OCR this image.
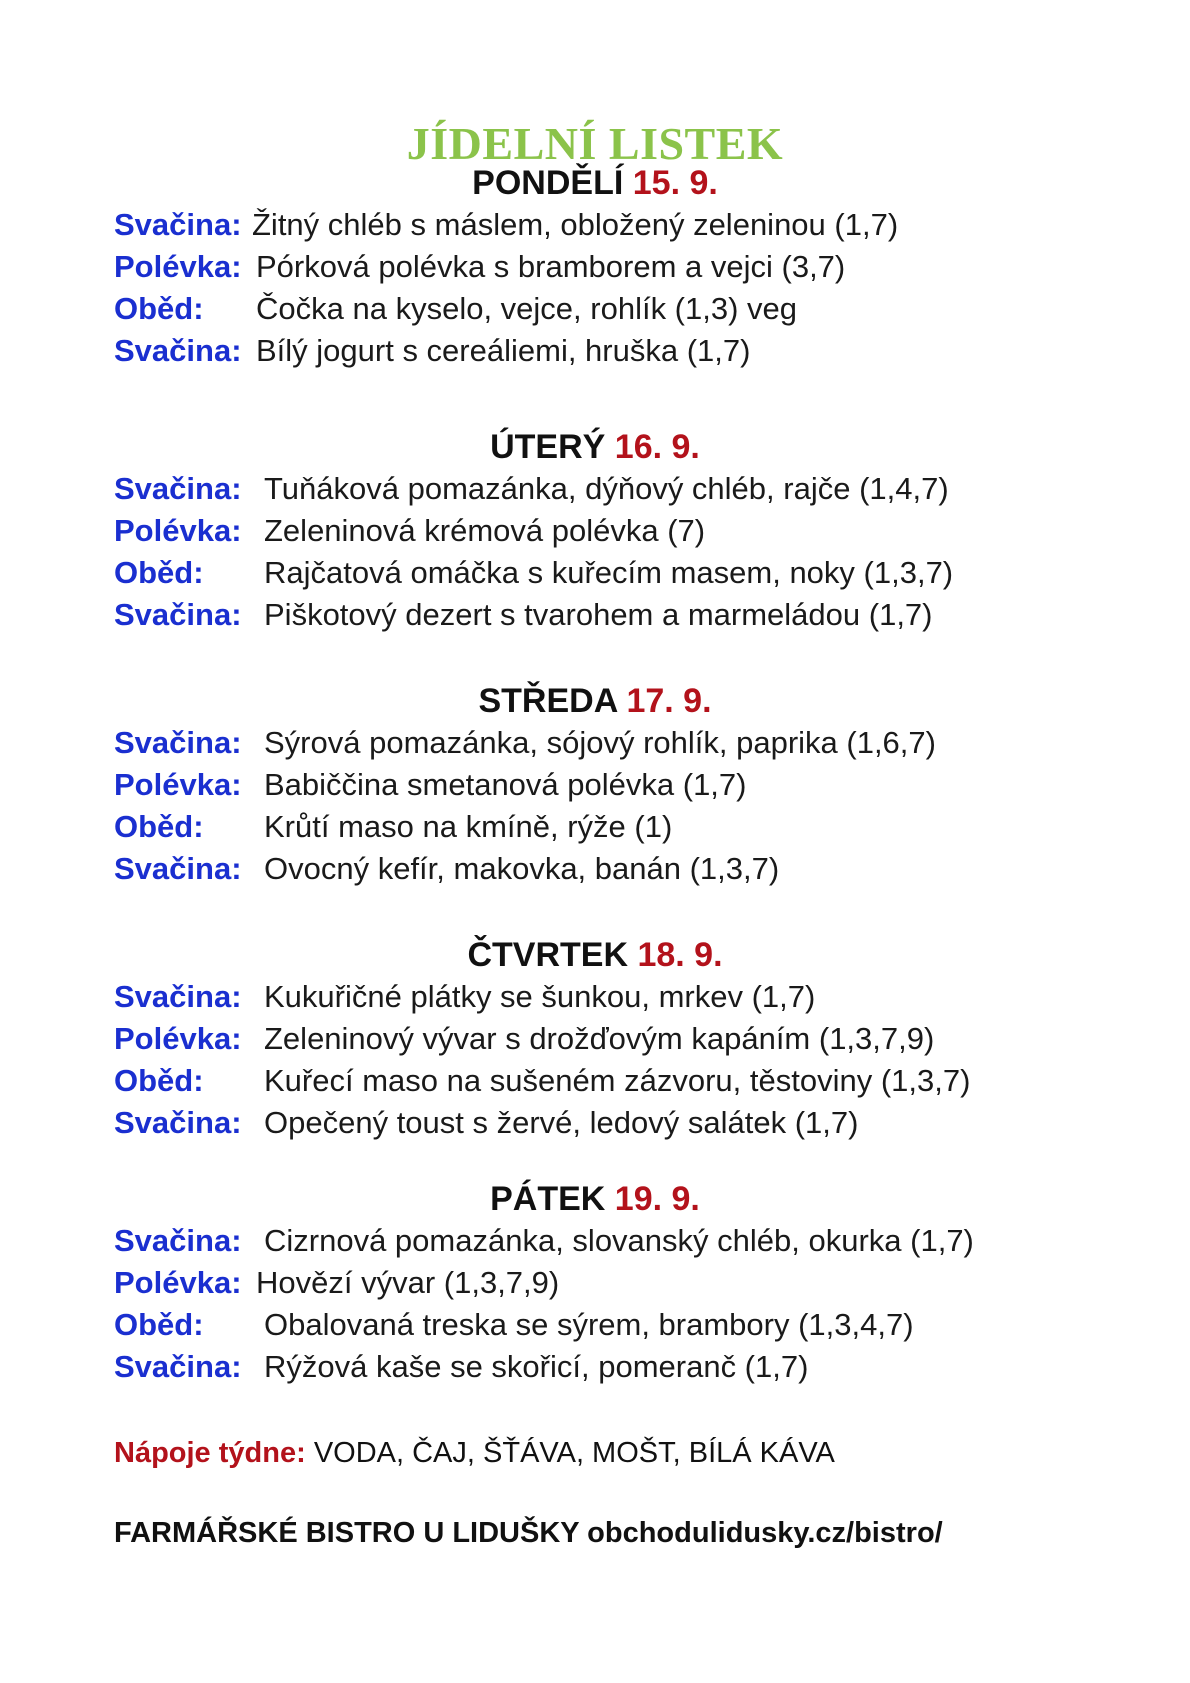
JÍDELNÍ LISTEK
PONDĚLÍ 15. 9.
Svačina: Žitný chléb s máslem, obložený zeleninou (1,7)
Polévka: Pórková polévka s bramborem a vejci (3,7)
Oběd: Čočka na kyselo, vejce, rohlík (1,3) veg
Svačina: Bílý jogurt s cereáliemi, hruška (1,7)
ÚTERÝ 16. 9.
Svačina: Tuňáková pomazánka, dýňový chléb, rajče (1,4,7)
Polévka: Zeleninová krémová polévka (7)
Oběd: Rajčatová omáčka s kuřecím masem, noky (1,3,7)
Svačina: Piškotový dezert s tvarohem a marmeládou (1,7)
STŘEDA 17. 9.
Svačina: Sýrová pomazánka, sójový rohlík, paprika (1,6,7)
Polévka: Babiččina smetanová polévka (1,7)
Oběd: Krůtí maso na kmíně, rýže (1)
Svačina: Ovocný kefír, makovka, banán (1,3,7)
ČTVRTEK 18. 9.
Svačina: Kukuřičné plátky se šunkou, mrkev (1,7)
Polévka: Zeleninový vývar s drožďovým kapáním (1,3,7,9)
Oběd: Kuřecí maso na sušeném zázvoru, těstoviny (1,3,7)
Svačina: Opečený toust s žervé, ledový salátek (1,7)
PÁTEK 19. 9.
Svačina: Cizrnová pomazánka, slovanský chléb, okurka (1,7)
Polévka: Hovězí vývar (1,3,7,9)
Oběd: Obalovaná treska se sýrem, brambory (1,3,4,7)
Svačina: Rýžová kaše se skořicí, pomeranč (1,7)
Nápoje týdne: VODA, ČAJ, ŠŤÁVA, MOŠT, BÍLÁ KÁVA
FARMÁŘSKÉ BISTRO U LIDUŠKY obchodulidusky.cz/bistro/
